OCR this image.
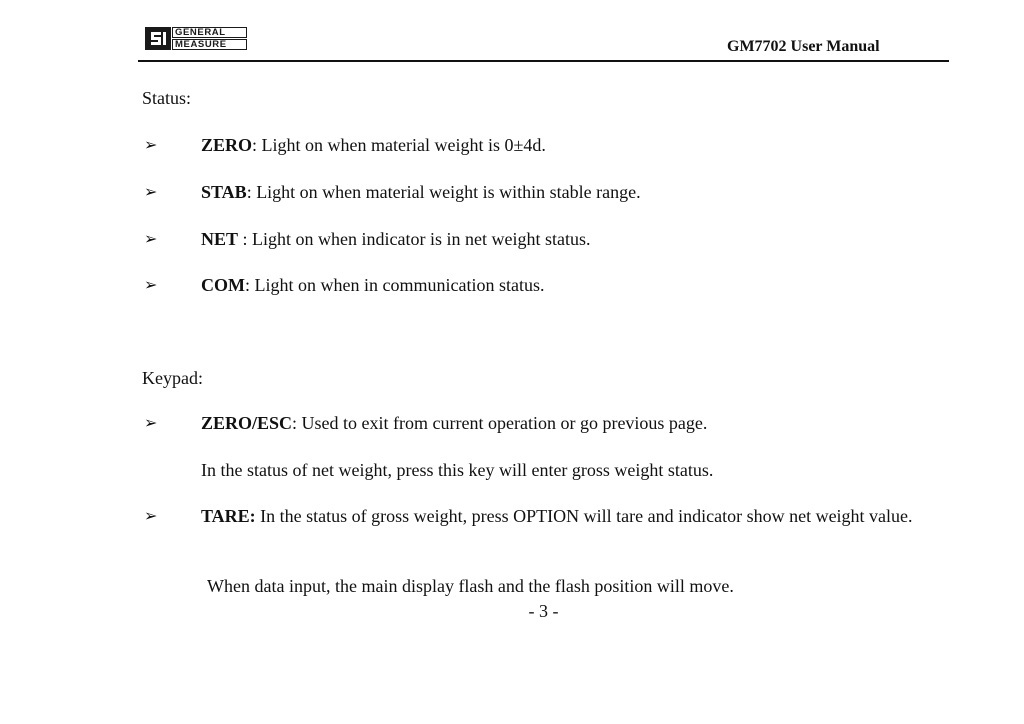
GENERAL
MEASURE	GM7702 User Manual
Status:
➢ ZERO: Light on when material weight is 0±4d.
➢ STAB: Light on when material weight is within stable range.
➢ NET : Light on when indicator is in net weight status.
➢ COM: Light on when in communication status.
Keypad:
➢ ZERO/ESC: Used to exit from current operation or go previous page.
In the status of net weight, press this key will enter gross weight status.
➢ TARE: In the status of gross weight, press OPTION will tare and indicator show net weight value.
When data input, the main display flash and the flash position will move.
- 3 -
